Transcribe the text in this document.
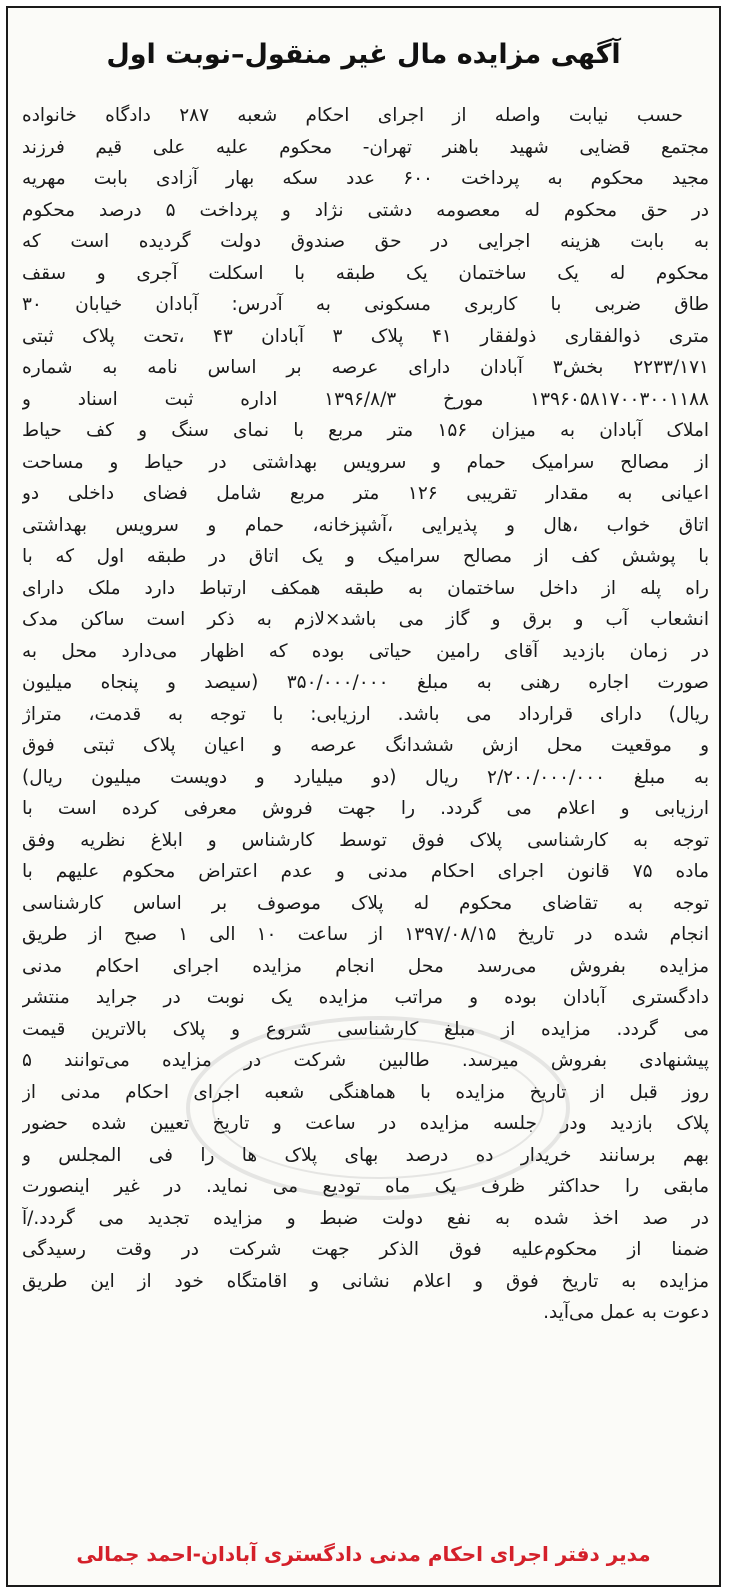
آگهی مزایده مال غیر منقول–نوبت اول
حسب نیابت واصله از اجرای احکام شعبه ۲۸۷ دادگاه خانواده
مجتمع قضایی شهید باهنر تهران- محکوم علیه علی قیم فرزند
مجید محکوم به پرداخت ۶۰۰ عدد سکه بهار آزادی بابت مهریه
در حق محکوم له معصومه دشتی نژاد و پرداخت ۵ درصد محکوم
به بابت هزینه اجرایی در حق صندوق دولت گردیده است که
محکوم له یک ساختمان یک طبقه با اسکلت آجری و سقف
طاق ضربی با کاربری مسکونی به آدرس: آبادان خیابان ۳۰
متری ذوالفقاری ذولفقار ۴۱ پلاک ۳ آبادان ۴۳ ،تحت پلاک ثبتی
۲۲۳۳/۱۷۱ بخش۳ آبادان دارای عرصه بر اساس نامه به شماره
۱۳۹۶۰۵۸۱۷۰۰۳۰۰۱۱۸۸ مورخ ۱۳۹۶/۸/۳ اداره ثبت اسناد و
املاک آبادان به میزان ۱۵۶ متر مربع با نمای سنگ و کف حیاط
از مصالح سرامیک حمام و سرویس بهداشتی در حیاط و مساحت
اعیانی به مقدار تقریبی ۱۲۶ متر مربع شامل فضای داخلی دو
اتاق خواب ،هال و پذیرایی ،آشپزخانه، حمام و سرویس بهداشتی
با پوشش کف از مصالح سرامیک و یک اتاق در طبقه اول که با
راه پله از داخل ساختمان به طبقه همکف ارتباط دارد ملک دارای
انشعاب آب و برق و گاز می باشد×لازم به ذکر است ساکن مدک
در زمان بازدید آقای رامین حیاتی بوده که اظهار می‌دارد محل به
صورت اجاره رهنی به مبلغ ۳۵۰/۰۰۰/۰۰۰ (سیصد و پنجاه میلیون
ریال) دارای قرارداد می باشد. ارزیابی: با توجه به قدمت، متراژ
و موقعیت محل ازش ششدانگ عرصه و اعیان پلاک ثبتی فوق
به مبلغ ۲/۲۰۰/۰۰۰/۰۰۰ ریال (دو میلیارد و دویست میلیون ریال)
ارزیابی و اعلام می گردد. را جهت فروش معرفی کرده است با
توجه به کارشناسی پلاک فوق توسط کارشناس و ابلاغ نظریه وفق
ماده ۷۵ قانون اجرای احکام مدنی و عدم اعتراض محکوم علیهم با
توجه به تقاضای محکوم له پلاک موصوف بر اساس کارشناسی
انجام شده در تاریخ ۱۳۹۷/۰۸/۱۵ از ساعت ۱۰ الی ۱ صبح از طریق
مزایده بفروش می‌رسد محل انجام مزایده اجرای احکام مدنی
دادگستری آبادان بوده و مراتب مزایده یک نوبت در جراید منتشر
می گردد. مزایده از مبلغ کارشناسی شروع و پلاک بالاترین قیمت
پیشنهادی بفروش میرسد. طالبین شرکت در مزایده می‌توانند ۵
روز قبل از تاریخ مزایده با هماهنگی شعبه اجرای احکام مدنی از
پلاک بازدید ودر جلسه مزایده در ساعت و تاریخ تعیین شده حضور
بهم برسانند خریدار ده درصد بهای پلاک ها را فی المجلس و
مابقی را حداکثر ظرف یک ماه تودیع می نماید. در غیر اینصورت
در صد اخذ شده به نفع دولت ضبط و مزایده تجدید می گردد./آ
ضمنا از محکوم‌علیه فوق الذکر جهت شرکت در وقت رسیدگی
مزایده به تاریخ فوق و اعلام نشانی و اقامتگاه خود از این طریق
دعوت به عمل می‌آید.
مدیر دفتر اجرای احکام مدنی دادگستری آبادان-احمد جمالی
